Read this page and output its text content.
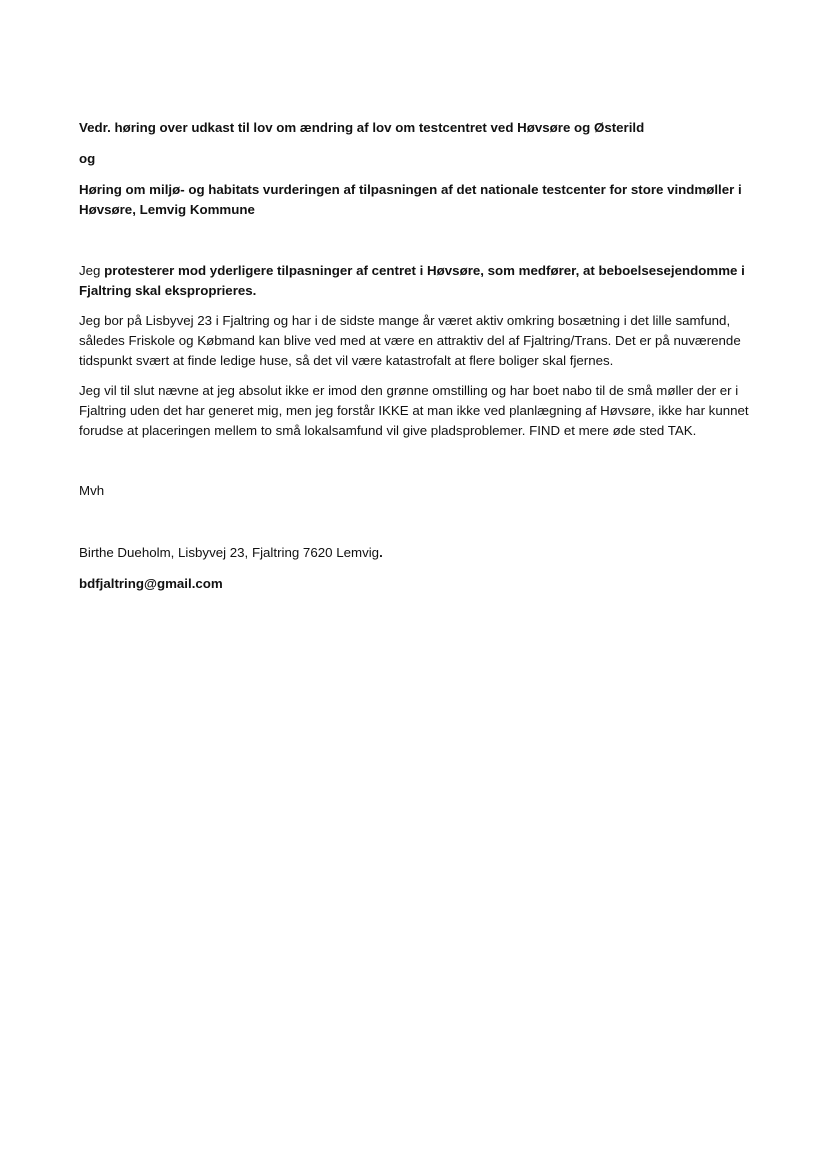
Vedr. høring over udkast til lov om ændring af lov om testcentret ved Høvsøre og Østerild

og

Høring om miljø- og habitats vurderingen af tilpasningen af det nationale testcenter for store vindmøller i Høvsøre, Lemvig Kommune

Jeg protesterer mod yderligere tilpasninger af centret i Høvsøre, som medfører, at beboelsesejendomme i Fjaltring skal eksproprieres.

Jeg bor på Lisbyvej 23 i Fjaltring og har i de sidste mange år været aktiv omkring bosætning i det lille samfund, således Friskole og Købmand kan blive ved med at være en attraktiv del af Fjaltring/Trans. Det er på nuværende tidspunkt svært at finde ledige huse, så det vil være katastrofalt at flere boliger skal fjernes.

Jeg vil til slut nævne at jeg absolut ikke er imod den grønne omstilling og har boet nabo til de små møller der er i Fjaltring uden det har generet mig, men jeg forstår IKKE at man ikke ved planlægning af Høvsøre, ikke har kunnet forudse at placeringen mellem to små lokalsamfund vil give pladsproblemer. FIND et mere øde sted TAK.

Mvh

Birthe Dueholm, Lisbyvej 23, Fjaltring 7620 Lemvig.

bdfjaltring@gmail.com
